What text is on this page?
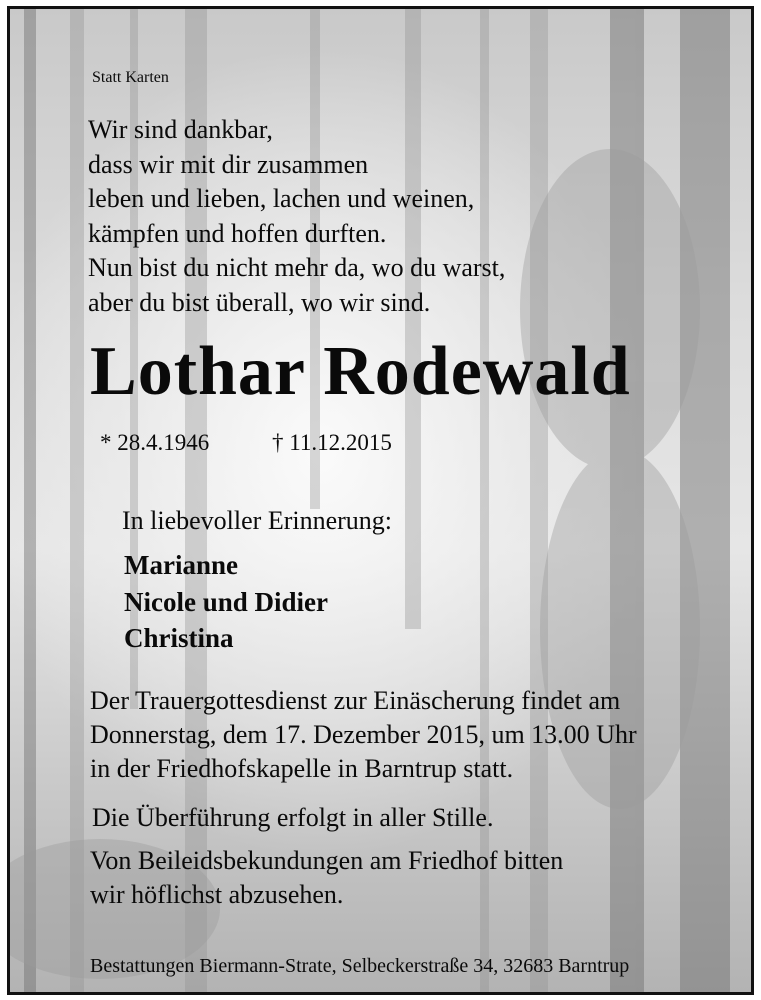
Statt Karten
Wir sind dankbar,
dass wir mit dir zusammen
leben und lieben, lachen und weinen,
kämpfen und hoffen durften.
Nun bist du nicht mehr da, wo du warst,
aber du bist überall, wo wir sind.
Lothar Rodewald
* 28.4.1946	† 11.12.2015
In liebevoller Erinnerung:
Marianne
Nicole und Didier
Christina
Der Trauergottesdienst zur Einäscherung findet am
Donnerstag, dem 17. Dezember 2015, um 13.00 Uhr
in der Friedhofskapelle in Barntrup statt.
Die Überführung erfolgt in aller Stille.
Von Beileidsbekundungen am Friedhof bitten
wir höflichst abzusehen.
Bestattungen Biermann-Strate, Selbeckerstraße 34, 32683 Barntrup
